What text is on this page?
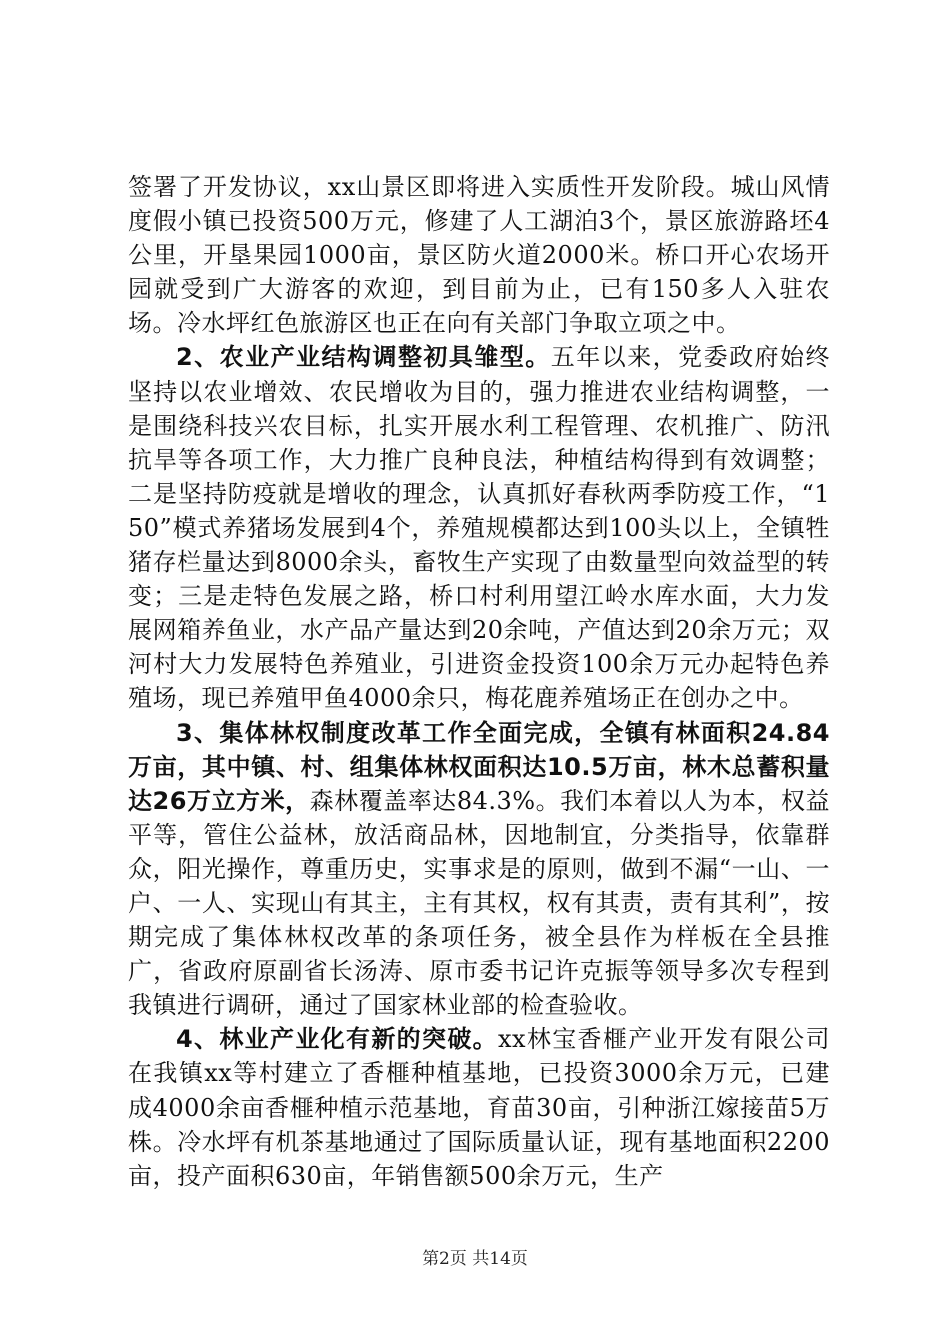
签署了开发协议，xx山景区即将进入实质性开发阶段。城山风情度假小镇已投资500万元，修建了人工湖泊3个，景区旅游路坯4公里，开垦果园1000亩，景区防火道2000米。桥口开心农场开园就受到广大游客的欢迎，到目前为止，已有150多人入驻农场。冷水坪红色旅游区也正在向有关部门争取立项之中。

2、农业产业结构调整初具雏型。五年以来，党委政府始终坚持以农业增效、农民增收为目的，强力推进农业结构调整，一是围绕科技兴农目标，扎实开展水利工程管理、农机推广、防汛抗旱等各项工作，大力推广良种良法，种植结构得到有效调整；二是坚持防疫就是增收的理念，认真抓好春秋两季防疫工作，“150”模式养猪场发展到4个，养殖规模都达到100头以上，全镇牲猪存栏量达到8000余头，畜牧生产实现了由数量型向效益型的转变；三是走特色发展之路，桥口村利用望江岭水库水面，大力发展网箱养鱼业，水产品产量达到20余吨，产值达到20余万元；双河村大力发展特色养殖业，引进资金投资100余万元办起特色养殖场，现已养殖甲鱼4000余只，梅花鹿养殖场正在创办之中。

3、集体林权制度改革工作全面完成，全镇有林面积24.84万亩，其中镇、村、组集体林权面积达10.5万亩，林木总蓄积量达26万立方米，森林覆盖率达84.3%。我们本着以人为本，权益平等，管住公益林，放活商品林，因地制宜，分类指导，依靠群众，阳光操作，尊重历史，实事求是的原则，做到不漏“一山、一户、一人、实现山有其主，主有其权，权有其责，责有其利”，按期完成了集体林权改革的条项任务，被全县作为样板在全县推广，省政府原副省长汤涛、原市委书记许克振等领导多次专程到我镇进行调研，通过了国家林业部的检查验收。

4、林业产业化有新的突破。xx林宝香榧产业开发有限公司在我镇xx等村建立了香榧种植基地，已投资3000余万元，已建成4000余亩香榧种植示范基地，育苗30亩，引种浙江嫁接苗5万株。冷水坪有机茶基地通过了国际质量认证，现有基地面积2200亩，投产面积630亩，年销售额500余万元，生产

第2页 共14页
